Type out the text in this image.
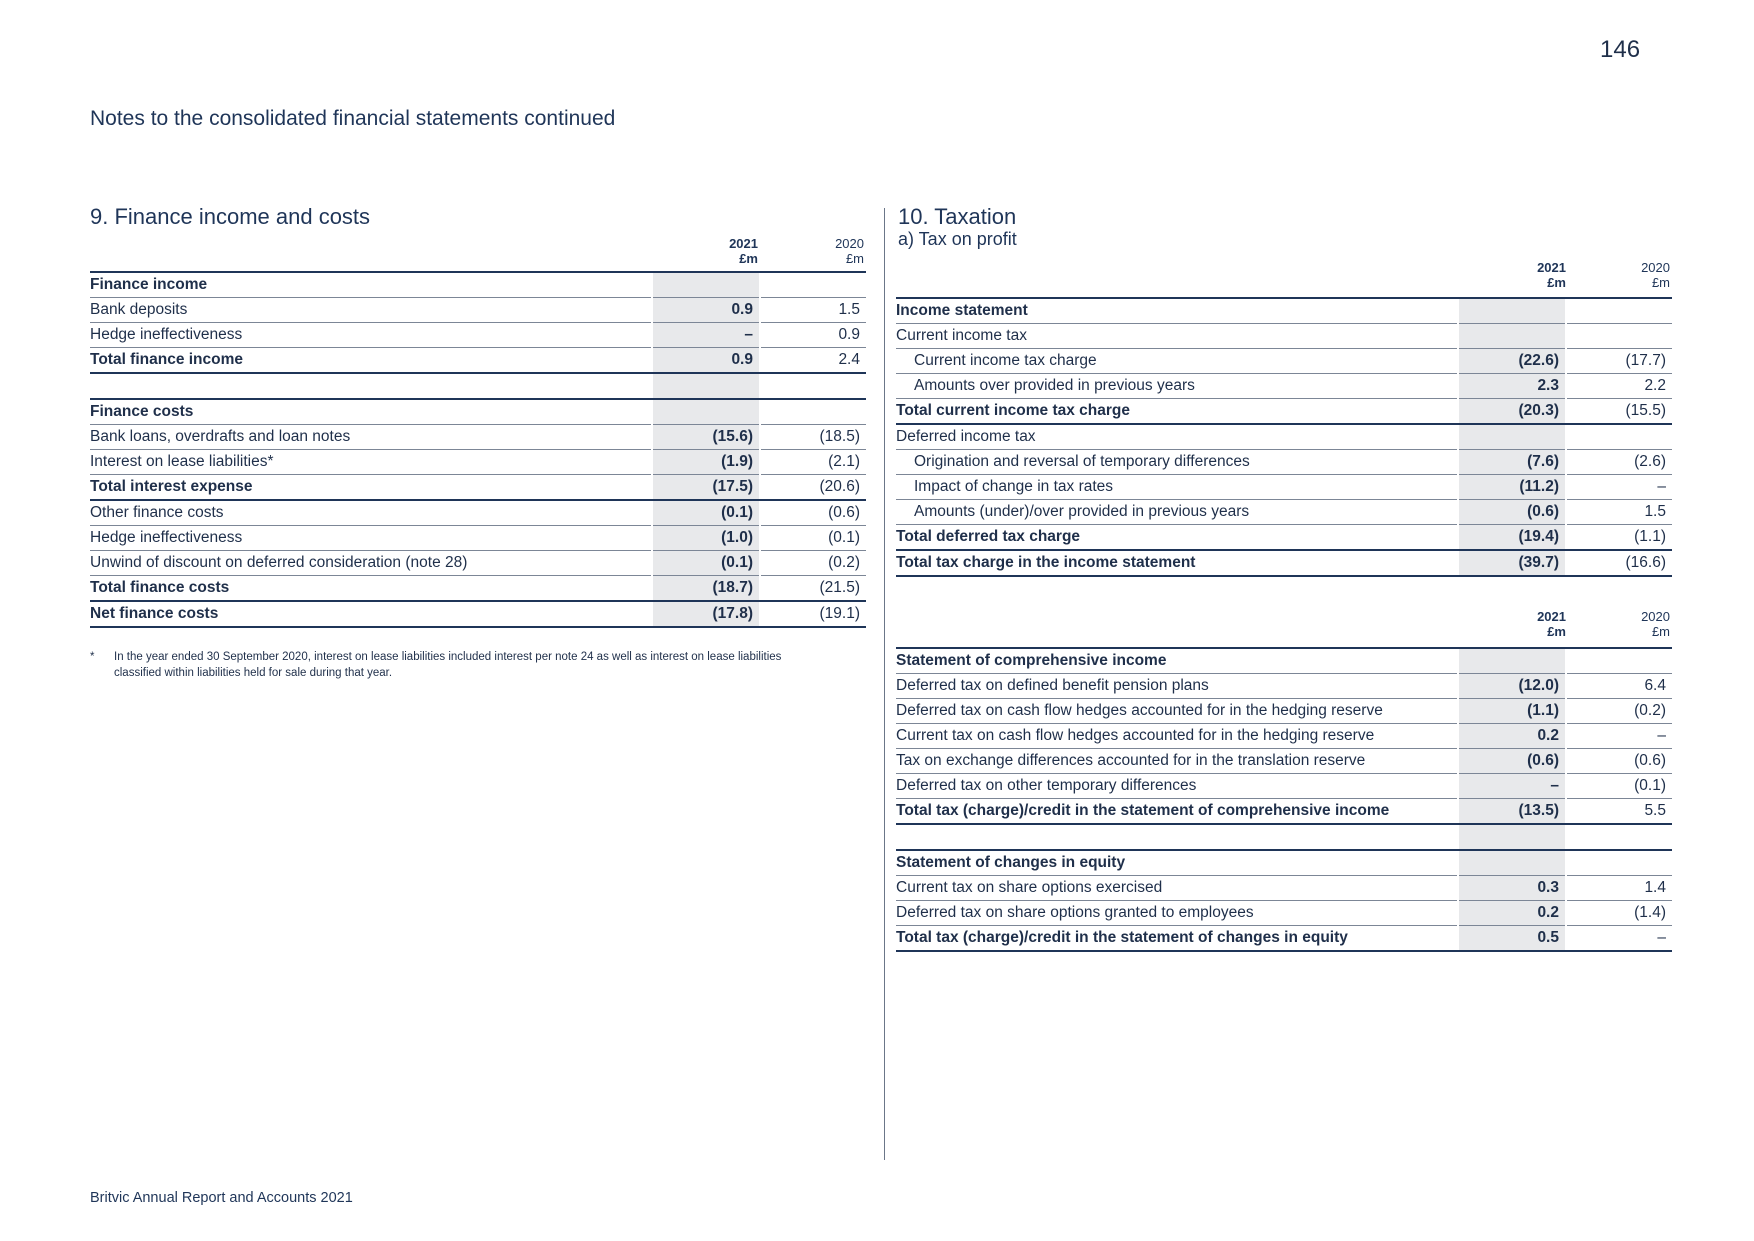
146
Notes to the consolidated financial statements continued
9. Finance income and costs
2021
£m
2020
£m
Finance income		
Bank deposits	0.9	1.5
Hedge ineffectiveness	–	0.9
Total finance income	0.9	2.4

Finance costs		
Bank loans, overdrafts and loan notes	(15.6)	(18.5)
Interest on lease liabilities*	(1.9)	(2.1)
Total interest expense	(17.5)	(20.6)
Other finance costs	(0.1)	(0.6)
Hedge ineffectiveness	(1.0)	(0.1)
Unwind of discount on deferred consideration (note 28)	(0.1)	(0.2)
Total finance costs	(18.7)	(21.5)
Net finance costs	(17.8)	(19.1)
* In the year ended 30 September 2020, interest on lease liabilities included interest per note 24 as well as interest on lease liabilities classified within liabilities held for sale during that year.
10. Taxation
a) Tax on profit
2021
£m
2020
£m
Income statement		
Current income tax		
Current income tax charge	(22.6)	(17.7)
Amounts over provided in previous years	2.3	2.2
Total current income tax charge	(20.3)	(15.5)
Deferred income tax		
Origination and reversal of temporary differences	(7.6)	(2.6)
Impact of change in tax rates	(11.2)	–
Amounts (under)/over provided in previous years	(0.6)	1.5
Total deferred tax charge	(19.4)	(1.1)
Total tax charge in the income statement	(39.7)	(16.6)
2021
£m
2020
£m
Statement of comprehensive income		
Deferred tax on defined benefit pension plans	(12.0)	6.4
Deferred tax on cash flow hedges accounted for in the hedging reserve	(1.1)	(0.2)
Current tax on cash flow hedges accounted for in the hedging reserve	0.2	–
Tax on exchange differences accounted for in the translation reserve	(0.6)	(0.6)
Deferred tax on other temporary differences	–	(0.1)
Total tax (charge)/credit in the statement of comprehensive income	(13.5)	5.5

Statement of changes in equity		
Current tax on share options exercised	0.3	1.4
Deferred tax on share options granted to employees	0.2	(1.4)
Total tax (charge)/credit in the statement of changes in equity	0.5	–
Britvic Annual Report and Accounts 2021
